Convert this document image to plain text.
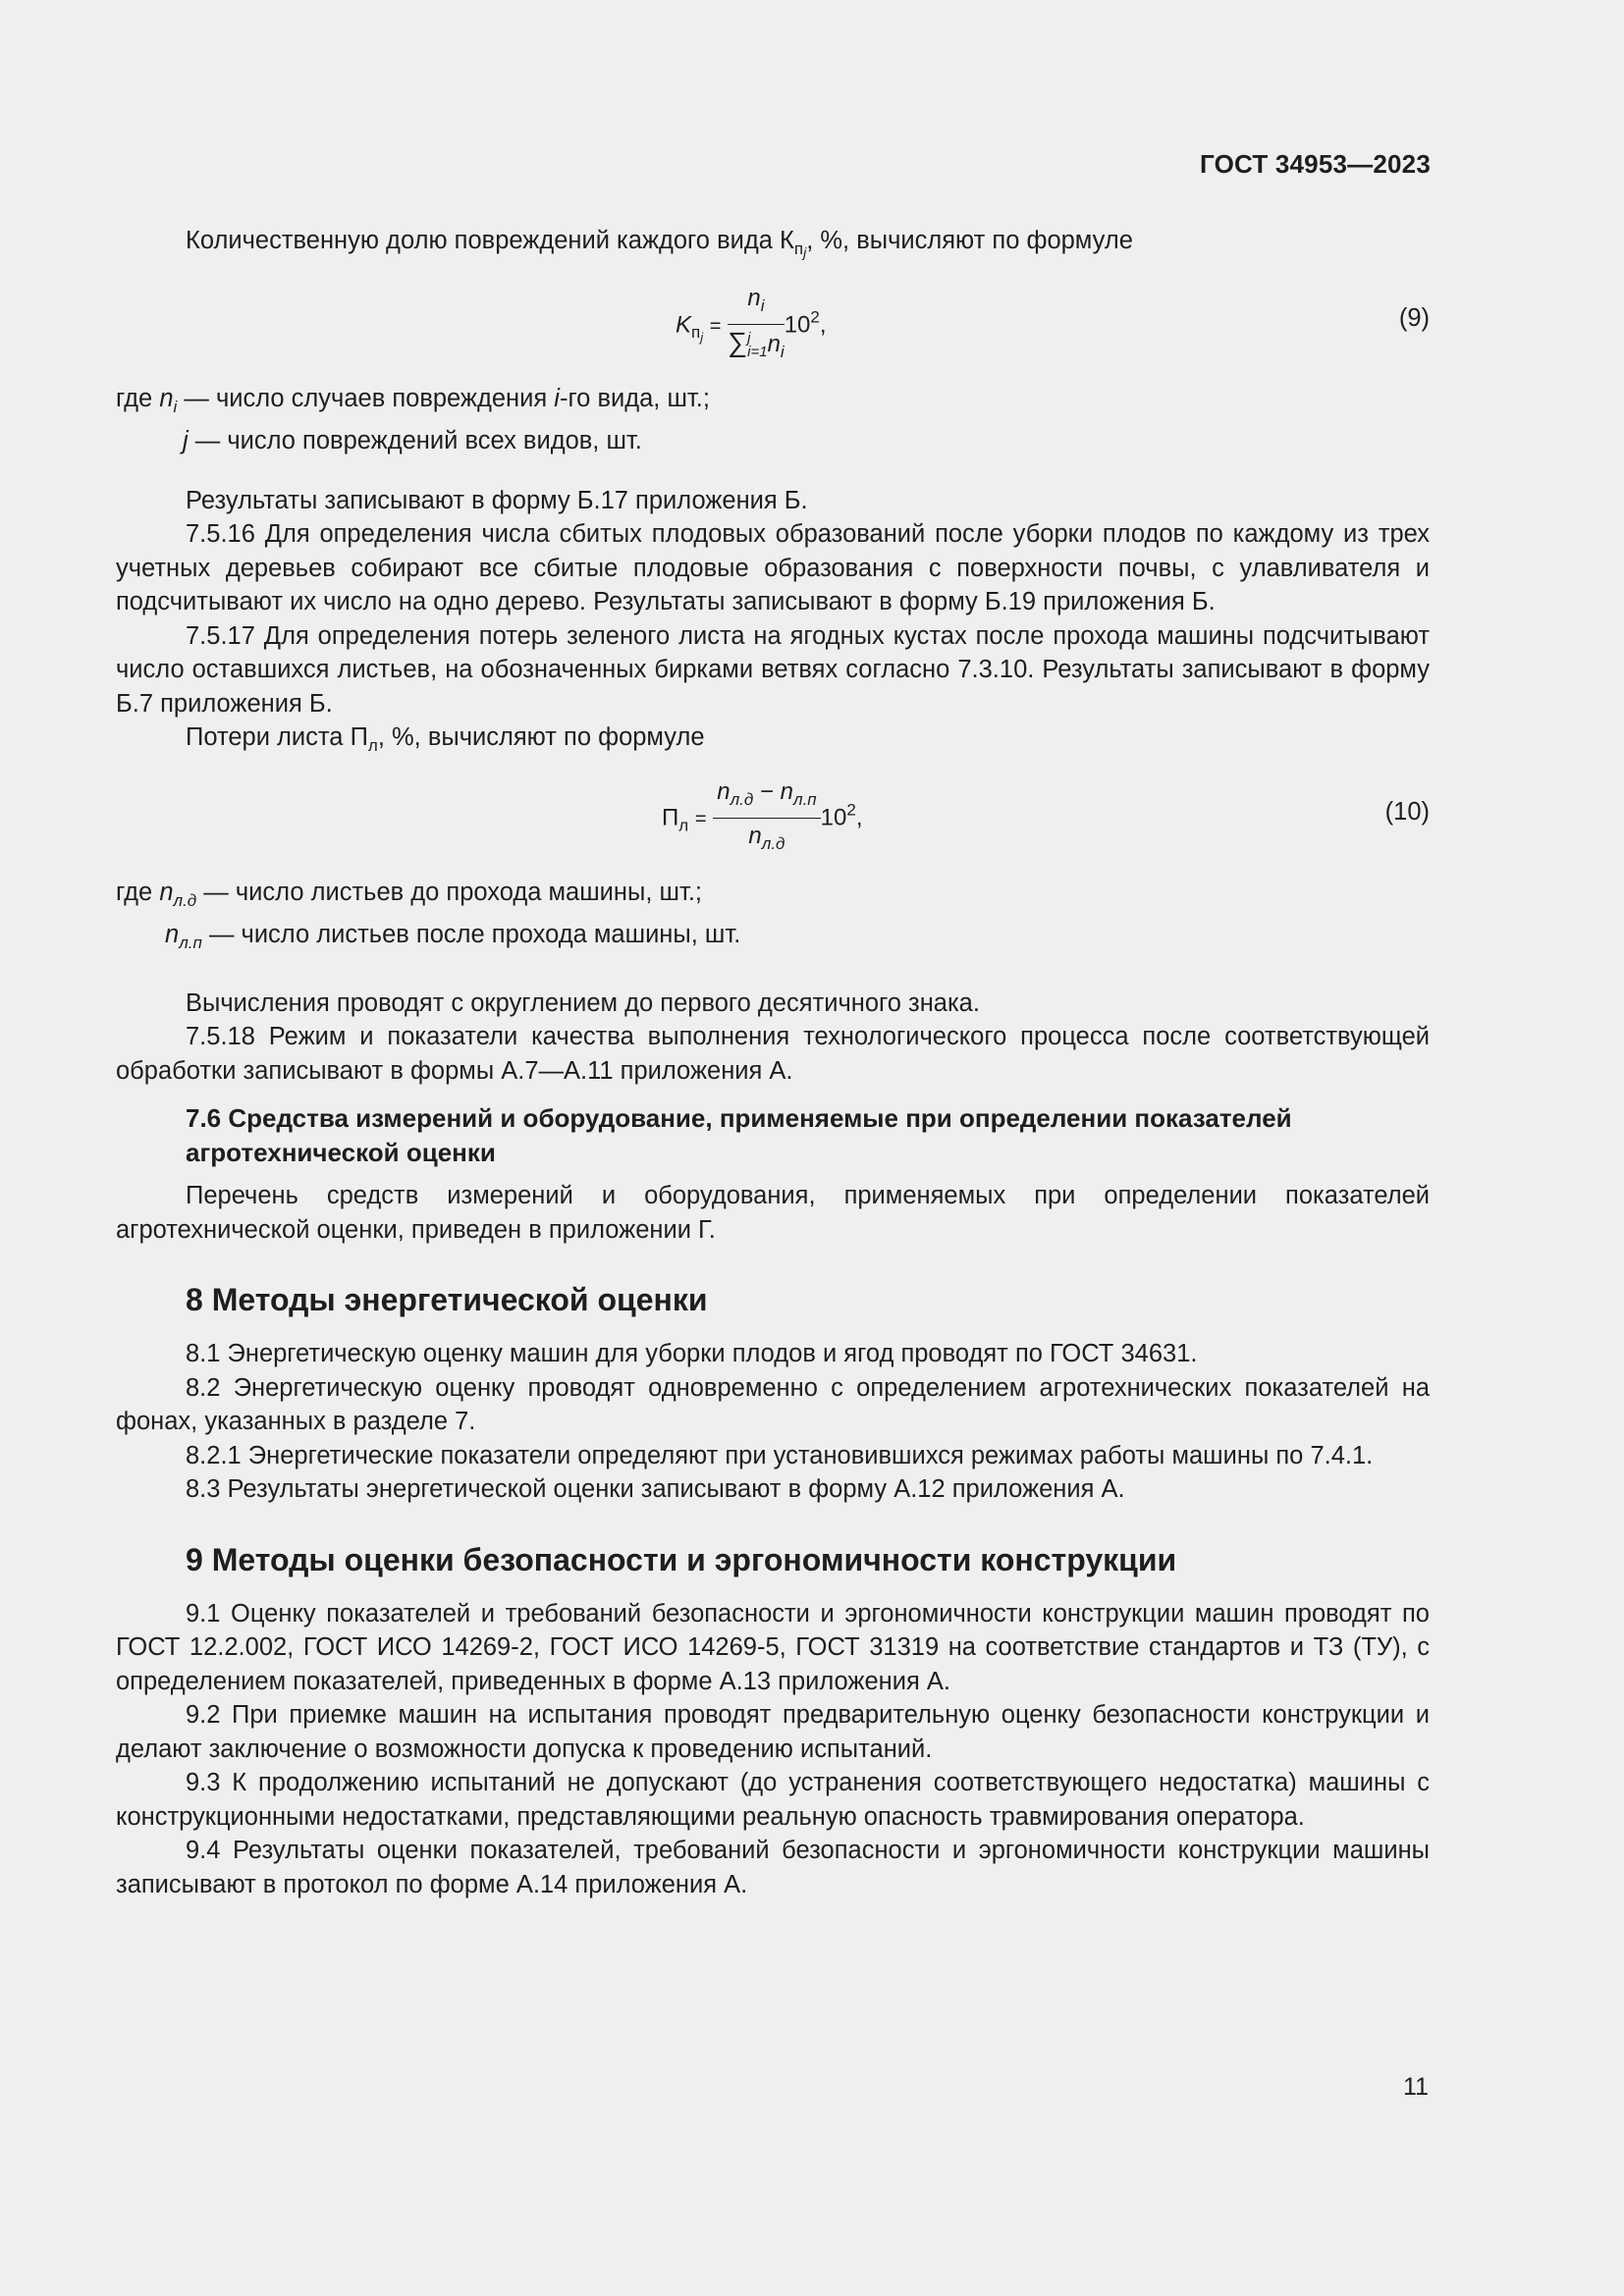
ГОСТ 34953—2023

Количественную долю повреждений каждого вида $К_{п_j}$, %, вычисляют по формуле

$K_{п_j} = n_i$
∑ j
i=1 $n_i$ $10^2$,	(9)
где $n_i$ — число случаев повреждения i-го вида, шт.;
j — число повреждений всех видов, шт.

Результаты записывают в форму Б.17 приложения Б.

7.5.16 Для определения числа сбитых плодовых образований после уборки плодов по каждому из трех учетных деревьев собирают все сбитые плодовые образования с поверхности почвы, с улавливателя и подсчитывают их число на одно дерево. Результаты записывают в форму Б.19 приложения Б.

7.5.17 Для определения потерь зеленого листа на ягодных кустах после прохода машины подсчитывают число оставшихся листьев, на обозначенных бирками ветвях согласно 7.3.10. Результаты записывают в форму Б.7 приложения Б.

Потери листа $П_л$, %, вычисляют по формуле

$П_л = \frac{n_{л.д} - n_{л.п}}{n_{л.д}} 10^2$,	(10)
где $n_{л.д}$ — число листьев до прохода машины, шт.;
$n_{л.п}$ — число листьев после прохода машины, шт.

Вычисления проводят с округлением до первого десятичного знака.

7.5.18 Режим и показатели качества выполнения технологического процесса после соответствующей обработки записывают в формы А.7—А.11 приложения А.

7.6 Средства измерений и оборудование, применяемые при определении показателей агротехнической оценки

Перечень средств измерений и оборудования, применяемых при определении показателей агротехнической оценки, приведен в приложении Г.

8 Методы энергетической оценки

8.1 Энергетическую оценку машин для уборки плодов и ягод проводят по ГОСТ 34631.

8.2 Энергетическую оценку проводят одновременно с определением агротехнических показателей на фонах, указанных в разделе 7.

8.2.1 Энергетические показатели определяют при установившихся режимах работы машины по 7.4.1.

8.3 Результаты энергетической оценки записывают в форму А.12 приложения А.

9 Методы оценки безопасности и эргономичности конструкции

9.1 Оценку показателей и требований безопасности и эргономичности конструкции машин проводят по ГОСТ 12.2.002, ГОСТ ИСО 14269-2, ГОСТ ИСО 14269-5, ГОСТ 31319 на соответствие стандартов и ТЗ (ТУ), с определением показателей, приведенных в форме А.13 приложения А.

9.2 При приемке машин на испытания проводят предварительную оценку безопасности конструкции и делают заключение о возможности допуска к проведению испытаний.

9.3 К продолжению испытаний не допускают (до устранения соответствующего недостатка) машины с конструкционными недостатками, представляющими реальную опасность травмирования оператора.

9.4 Результаты оценки показателей, требований безопасности и эргономичности конструкции машины записывают в протокол по форме А.14 приложения А.

11
